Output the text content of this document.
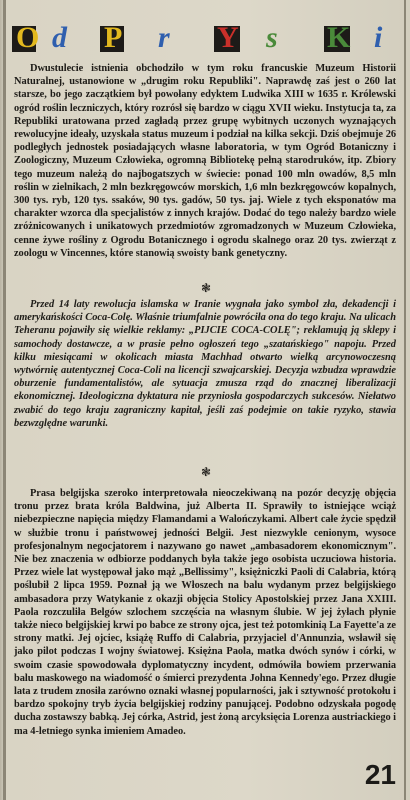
O d P r Y s K i

Dwustulecie istnienia obchodziło w tym roku francuskie Muzeum Historii Naturalnej, ustanowione w „drugim roku Republiki". Naprawdę zaś jest o 260 lat starsze, bo jego zaczątkiem był powołany edyktem Ludwika XIII w 1635 r. Królewski ogród roślin leczniczych, który rozrósł się bardzo w ciągu XVII wieku. Instytucja ta, za Republiki uratowana przed zagładą przez grupę wybitnych uczonych wyznających rewolucyjne ideały, uzyskała status muzeum i podział na kilka sekcji. Dziś obejmuje 26 podległych jednostek posiadających własne laboratoria, w tym Ogród Botaniczny i Zoologiczny, Muzeum Człowieka, ogromną Bibliotekę pełną starodruków, itp. Zbiory tego muzeum należą do najbogatszych w świecie: ponad 100 mln owadów, 8,5 mln roślin w zielnikach, 2 mln bezkręgowców morskich, 1,6 mln bezkręgowców kopalnych, 300 tys. ryb, 120 tys. ssaków, 90 tys. gadów, 50 tys. jaj. Wiele z tych eksponatów ma charakter wzorca dla specjalistów z innych krajów. Dodać do tego należy bardzo wiele zróżnicowanych i unikatowych przedmiotów zgromadzonych w Muzeum Człowieka, cenne żywe rośliny z Ogrodu Botanicznego i ogrodu skalnego oraz 20 tys. zwierząt z zoologu w Vincennes, które stanowią swoisty bank genetyczny.

❃

Przed 14 laty rewolucja islamska w Iranie wygnała jako symbol zła, dekadencji i amerykańskości Coca-Colę. Właśnie triumfalnie powróciła ona do tego kraju. Na ulicach Teheranu pojawiły się wielkie reklamy: „PIJCIE COCA-COLĘ"; reklamują ją sklepy i samochody dostawcze, a w prasie pełno ogłoszeń tego „szatańskiego" napoju. Przed kilku miesiącami w okolicach miasta Machhad otwarto wielką arcynowoczesną wytwórnię autentycznej Coca-Coli na licencji szwajcarskiej. Decyzja wzbudza wprawdzie oburzenie fundamentalistów, ale sytuacja zmusza rząd do znacznej liberalizacji ekonomicznej. Ideologiczna dyktatura nie przyniosła gospodarczych sukcesów. Niełatwo zwabić do tego kraju zagraniczny kapitał, jeśli zaś podejmie on takie ryzyko, stawia bezwzględne warunki.

❃

Prasa belgijska szeroko interpretowała nieoczekiwaną na pozór decyzję objęcia tronu przez brata króla Baldwina, już Alberta II. Sprawiły to istniejące wciąż niebezpieczne napięcia między Flamandami a Walończykami. Albert całe życie spędził w służbie tronu i państwowej jedności Belgii. Jest niezwykle cenionym, wysoce profesjonalnym negocjatorem i nazywano go nawet „ambasadorem ekonomicznym". Nie bez znaczenia w odbiorze poddanych była także jego osobista uczuciowa historia. Przez wiele lat występował jako mąż „Bellissimy", księżniczki Paoli di Calabria, którą poślubił 2 lipca 1959. Poznał ją we Włoszech na balu wydanym przez belgijskiego ambasadora przy Watykanie z okazji objęcia Stolicy Apostolskiej przez Jana XXIII. Paola rozczuliła Belgów szlochem szczęścia na własnym ślubie. W jej żyłach płynie także nieco belgijskiej krwi po babce ze strony ojca, jest też potomkinią La Fayette'a ze strony matki. Jej ojciec, książę Ruffo di Calabria, przyjaciel d'Annunzia, wsławił się jako pilot podczas I wojny światowej. Księżna Paola, matka dwóch synów i córki, w swoim czasie spowodowała dyplomatyczny incydent, odmówiła bowiem przerwania balu maskowego na wiadomość o śmierci prezydenta Johna Kennedy'ego. Przez długie lata z trudem znosiła zarówno oznaki własnej popularności, jak i sztywność protokołu i bardzo spokojny tryb życia belgijskiej rodziny panującej. Podobno odzyskała pogodę ducha zostawszy babką. Jej córka, Astrid, jest żoną arcyksięcia Lorenza austriackiego i ma 4-letniego synka imieniem Amadeo.

21
